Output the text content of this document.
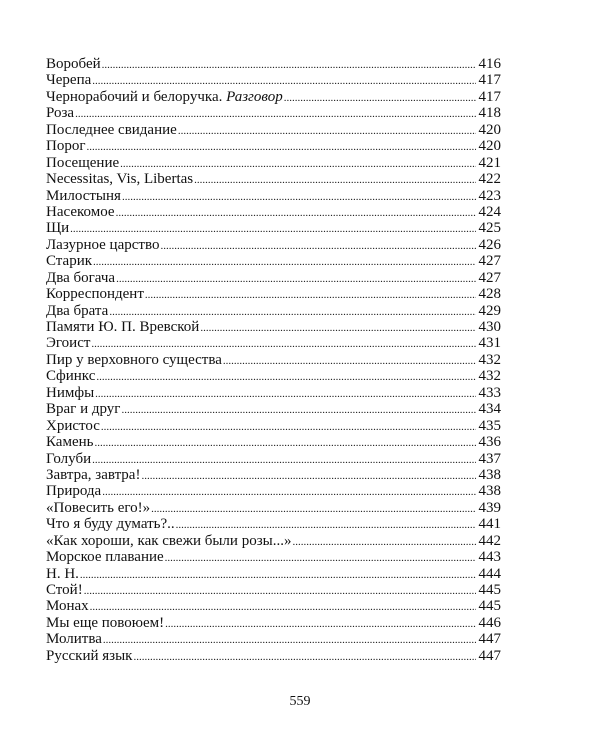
Воробей .....	416
Черепа .....	417
Чернорабочий и белоручка. Разговор .....	417
Роза .....	418
Последнее свидание .....	420
Порог .....	420
Посещение .....	421
Necessitas, Vis, Libertas .....	422
Милостыня .....	423
Насекомое .....	424
Щи .....	425
Лазурное царство .....	426
Старик .....	427
Два богача .....	427
Корреспондент .....	428
Два брата .....	429
Памяти Ю. П. Вревской .....	430
Эгоист .....	431
Пир у верховного существа .....	432
Сфинкс .....	432
Нимфы .....	433
Враг и друг .....	434
Христос .....	435
Камень .....	436
Голуби .....	437
Завтра, завтра! .....	438
Природа .....	438
«Повесить его!» .....	439
Что я буду думать?.. .....	441
«Как хороши, как свежи были розы...» .....	442
Морское плавание .....	443
Н. Н. .....	444
Стой! .....	445
Монах .....	445
Мы еще повоюем! .....	446
Молитва .....	447
Русский язык .....	447
559
